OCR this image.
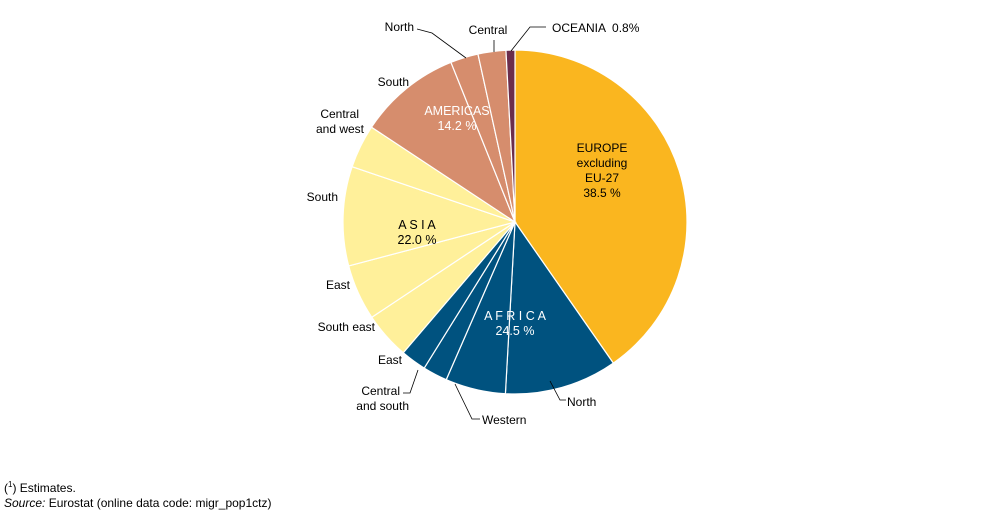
EUROPE
excluding
EU-27
38.5 %
A F R I C A
24.5 %
A S I A
22.0 %
AMERICAS
14.2 %
OCEANIA  0.8%
North
Western
Central
and south
East
South east
East
South
Central
and west
South
North	Central
($^1$) Estimates.
Source: Eurostat (online data code: migr_pop1ctz)
